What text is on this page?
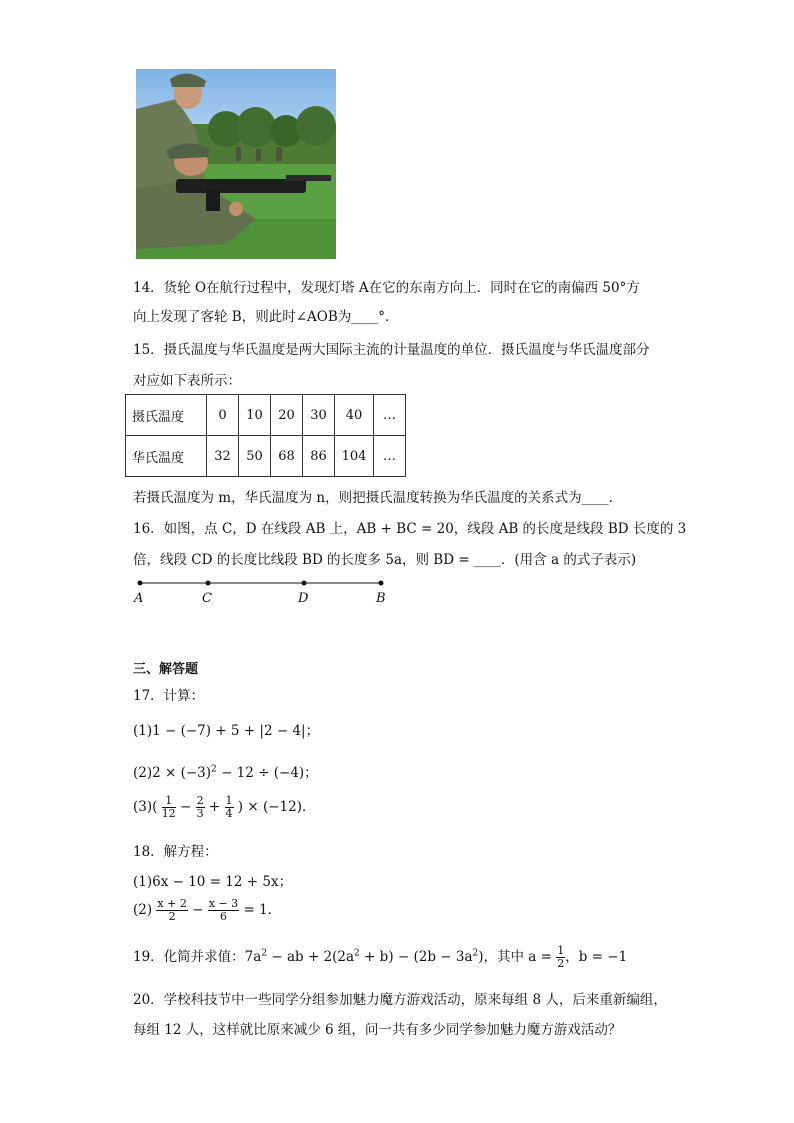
14．货轮 O在航行过程中，发现灯塔 A在它的东南方向上．同时在它的南偏西 50°方
向上发现了客轮 B，则此时∠AOB为____°．
15．摄氏温度与华氏温度是两大国际主流的计量温度的单位．摄氏温度与华氏温度部分
对应如下表所示：
摄氏温度	0	10	20	30	40	…
华氏温度	32	50	68	86	104	…
若摄氏温度为 m，华氏温度为 n，则把摄氏温度转换为华氏温度的关系式为____．
16．如图，点 C，D 在线段 AB 上，AB + BC = 20，线段 AB 的长度是线段 BD 长度的 3
倍，线段 CD 的长度比线段 BD 的长度多 5a，则 BD = ____．(用含 a 的式子表示)
A	C	D	B
三、解答题
17．计算：
(1)1 − (−7) + 5 + |2 − 4|；
$(2)2 \times (-3)^2 - 12 \div (-4)$；
$(3)( \frac{1}{12} - \frac{2}{3} + \frac{1}{4}$ ) × (−12)．
18．解方程：
(1)6x − 10 = 12 + 5x；
$(2) \frac{x + 2}{2} - \frac{x - 3}{6} = 1$．
19．化简并求值：$7a^2$ − ab + $2(2a^2 + b) - (2b - 3a^2)$，其中 $a = \frac{1}{2}$ ，b = −1
20．学校科技节中一些同学分组参加魅力魔方游戏活动，原来每组 8 人，后来重新编组，
每组 12 人，这样就比原来减少 6 组，问一共有多少同学参加魅力魔方游戏活动？
